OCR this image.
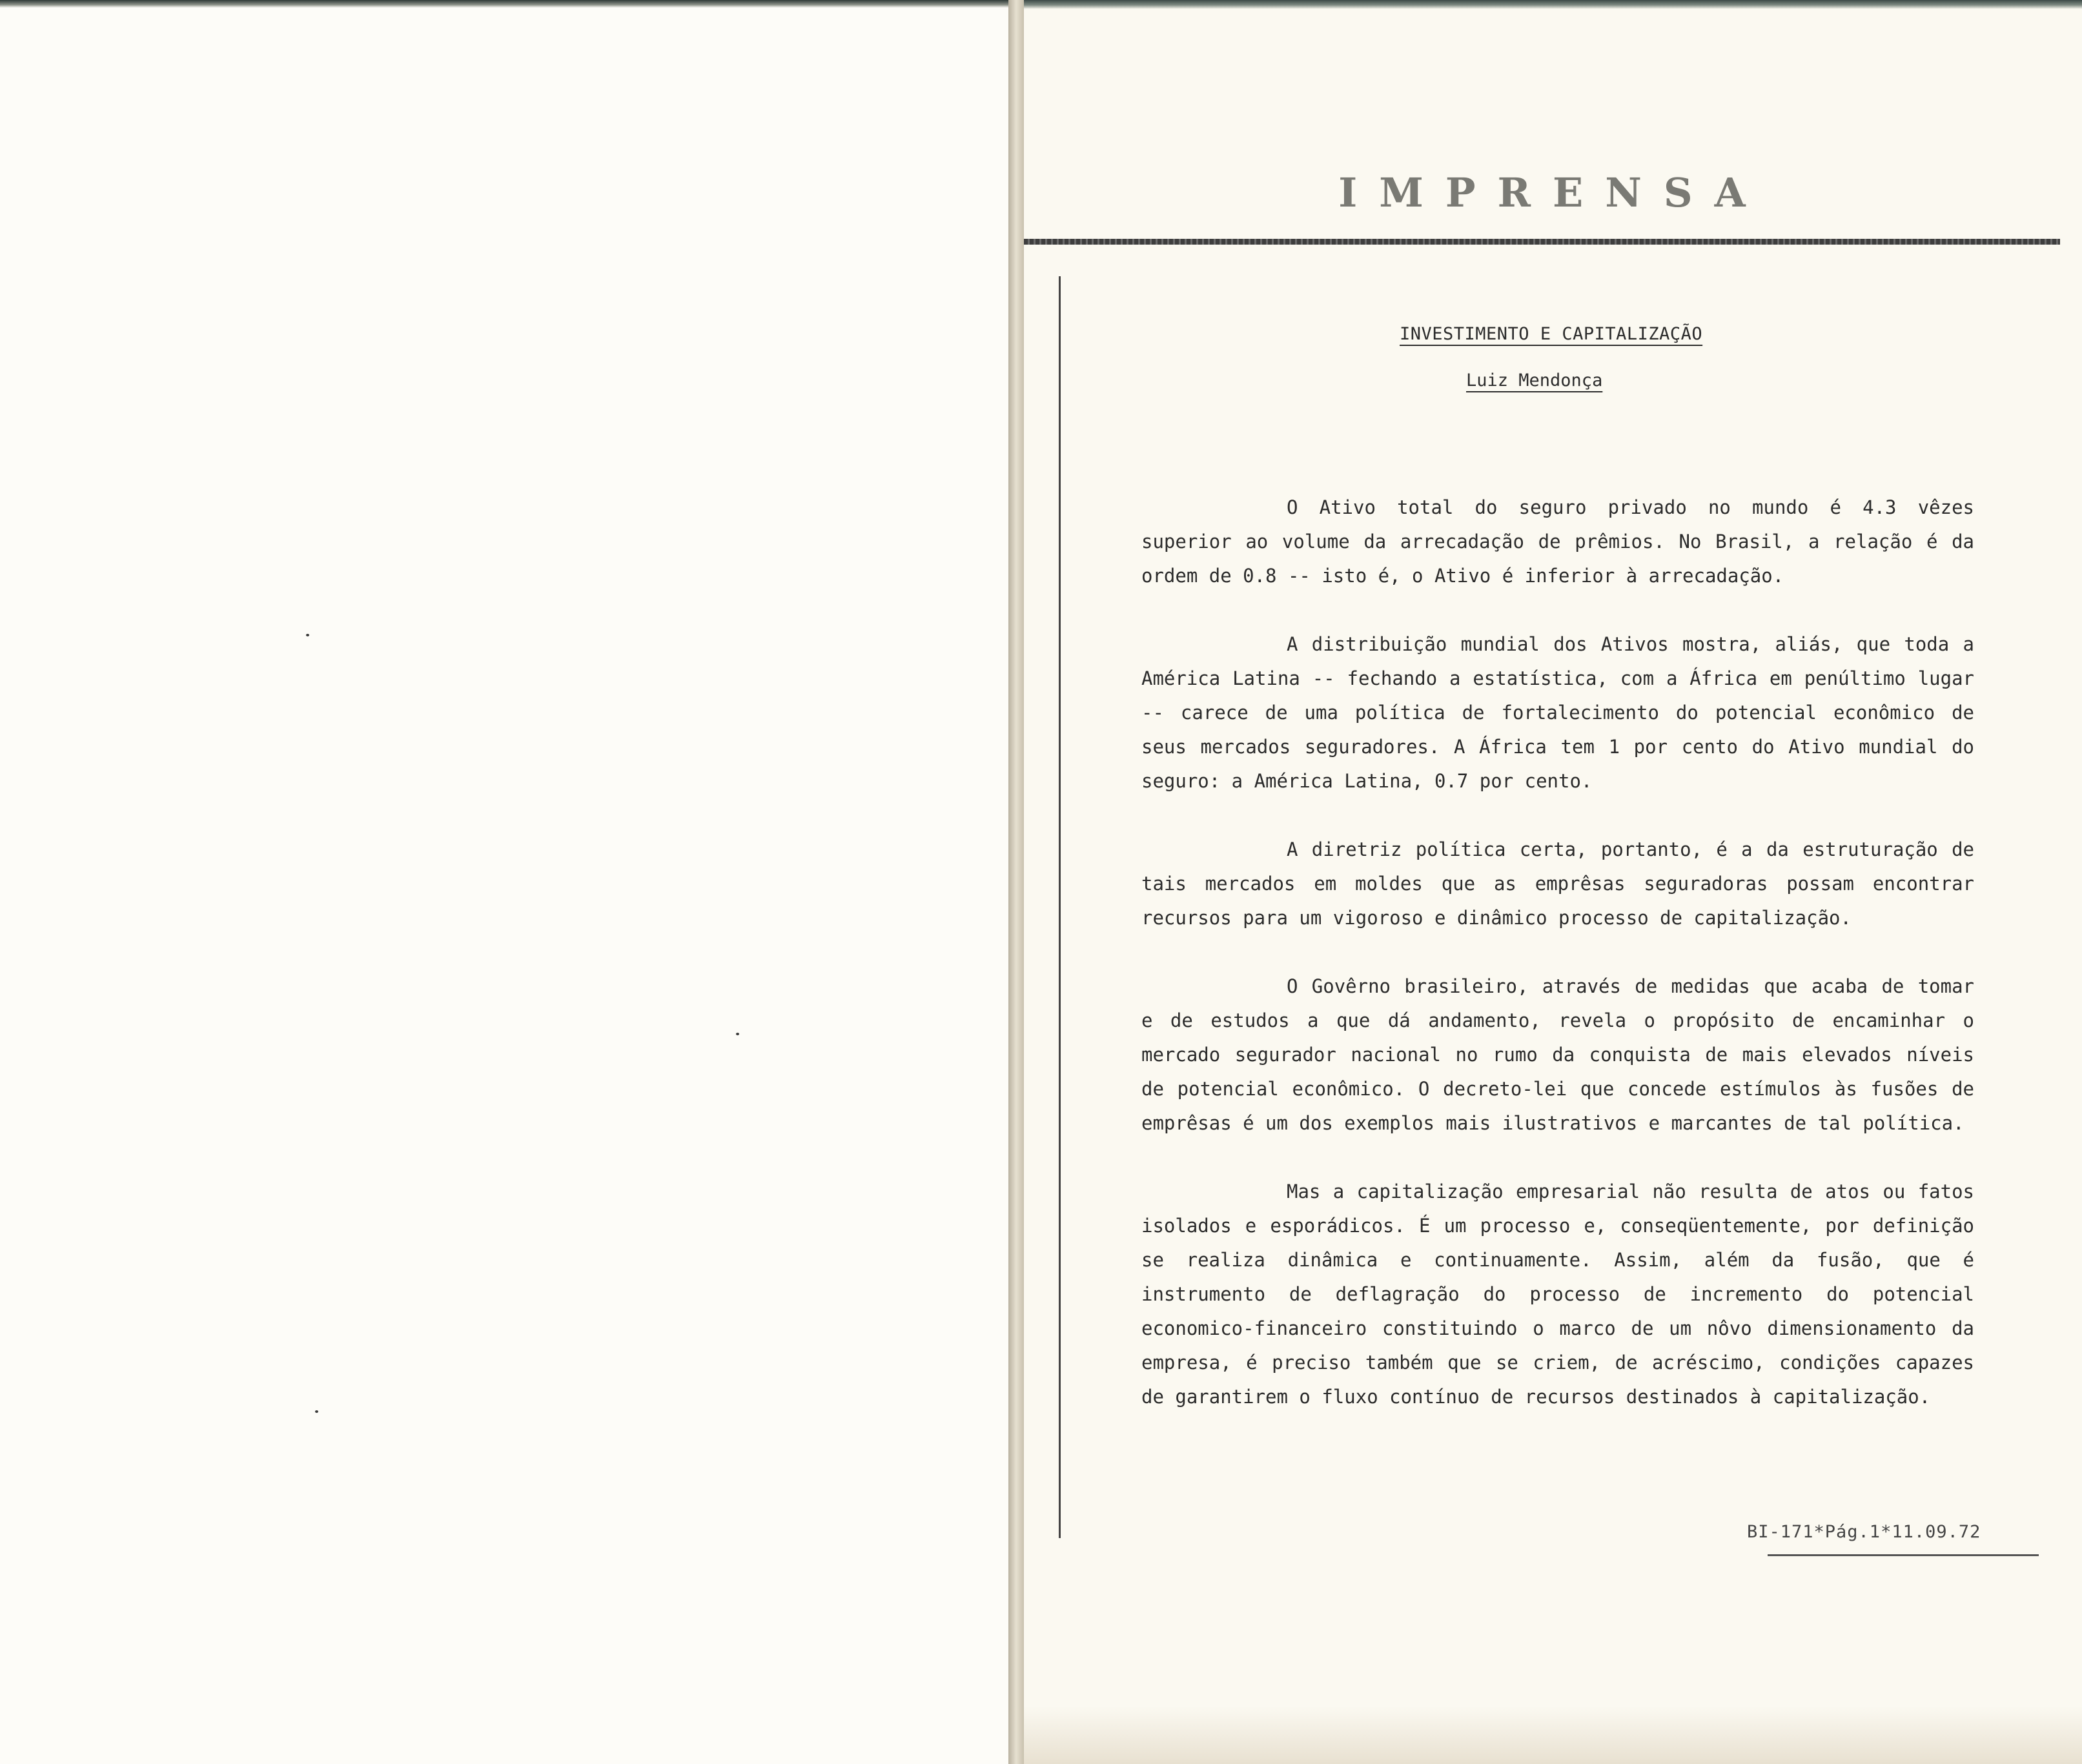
IMPRENSA
INVESTIMENTO E CAPITALIZAÇÃO
Luiz Mendonça

O Ativo total do seguro privado no mundo é 4.3 vêzes superior ao volume da arrecadação de prêmios. No Brasil, a relação é da ordem de 0.8 -- isto é, o Ativo é inferior à arrecadação.

A distribuição mundial dos Ativos mostra, aliás, que toda a América Latina -- fechando a estatística, com a África em penúltimo lugar -- carece de uma política de fortalecimento do potencial econômico de seus mercados seguradores. A África tem 1 por cento do Ativo mundial do seguro: a América Latina, 0.7 por cento.

A diretriz política certa, portanto, é a da estruturação de tais mercados em moldes que as emprêsas seguradoras possam encontrar recursos para um vigoroso e dinâmico processo de capitalização.

O Govêrno brasileiro, através de medidas que acaba de tomar e de estudos a que dá andamento, revela o propósito de encaminhar o mercado segurador nacional no rumo da conquista de mais elevados níveis de potencial econômico. O decreto-lei que concede estímulos às fusões de emprêsas é um dos exemplos mais ilustrativos e marcantes de tal política.

Mas a capitalização empresarial não resulta de atos ou fatos isolados e esporádicos. É um processo e, conseqüentemente, por definição se realiza dinâmica e continuamente. Assim, além da fusão, que é instrumento de deflagração do processo de incremento do potencial economico-financeiro constituindo o marco de um nôvo dimensionamento da empresa, é preciso também que se criem, de acréscimo, condições capazes de garantirem o fluxo contínuo de recursos destinados à capitalização.

BI-171*Pág.1*11.09.72
